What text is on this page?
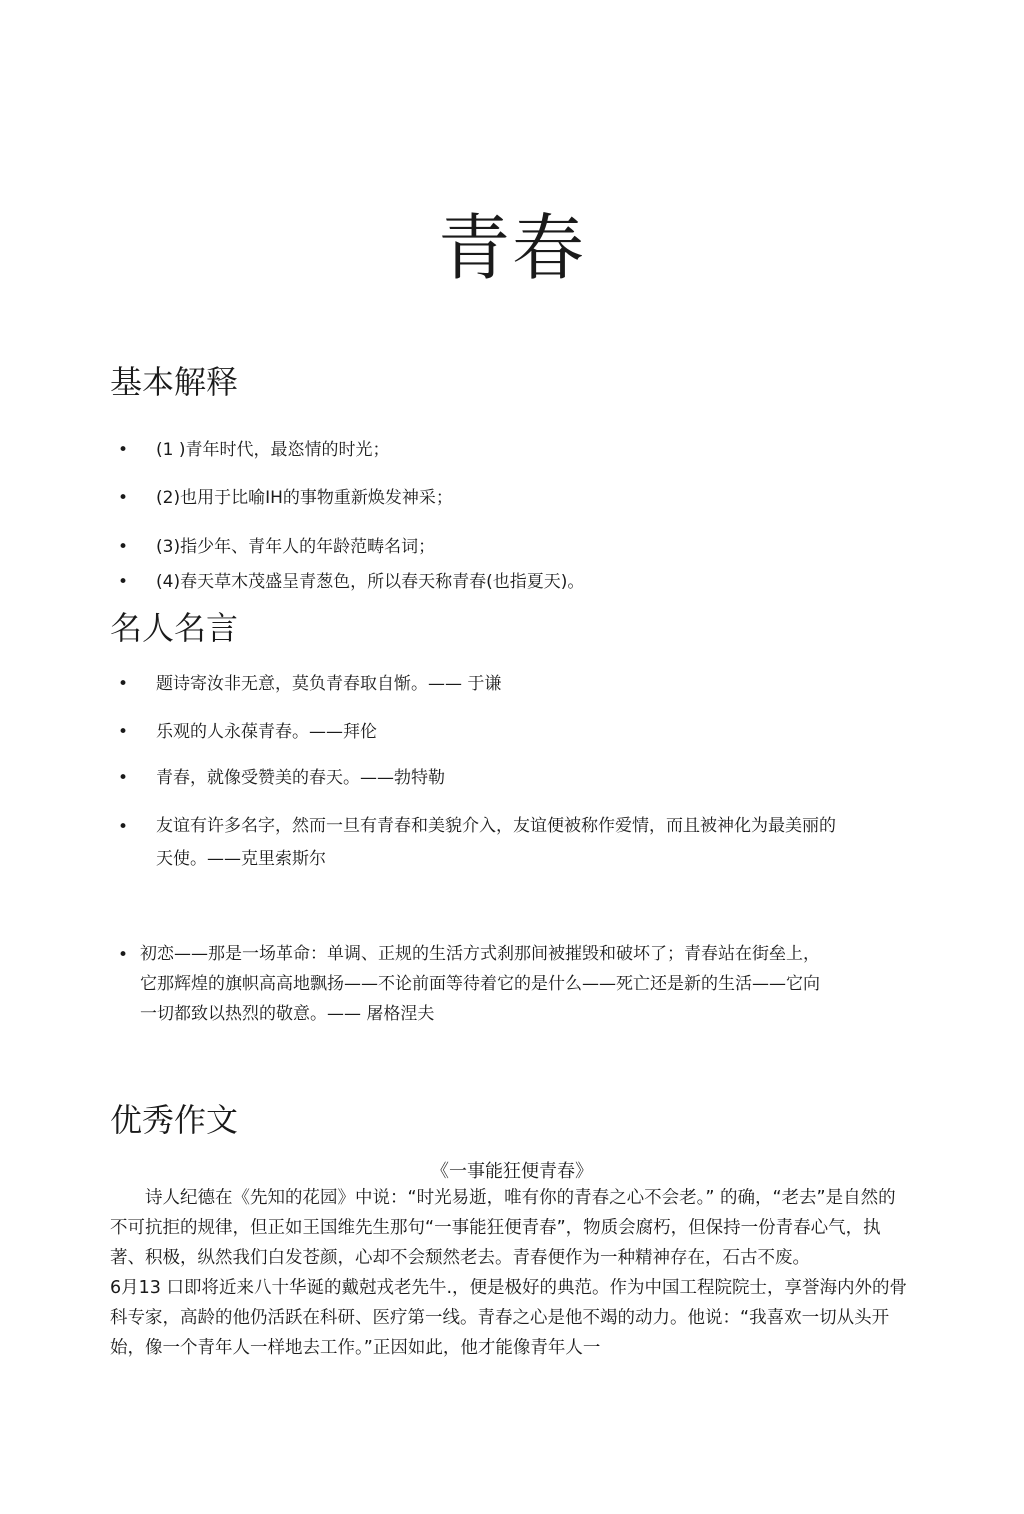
青春
基本解释
• (1 )青年时代，最恣情的时光；
• (2)也用于比喻IH的事物重新焕发神采；
• (3)指少年、青年人的年龄范畴名词；
• (4)春天草木茂盛呈青葱色，所以春天称青春(也指夏天)。
名人名言
• 题诗寄汝非无意，莫负青春取自惭。—— 于谦
• 乐观的人永葆青春。——拜伦
• 青春，就像受赞美的春天。——勃特勒
• 友谊有许多名字，然而一旦有青春和美貌介入，友谊便被称作爱情，而且被神化为最美丽的天使。——克里索斯尔
• 初恋——那是一场革命：单调、正规的生活方式刹那间被摧毁和破坏了；青春站在街垒上，它那辉煌的旗帜高高地飘扬——不论前面等待着它的是什么——死亡还是新的生活——它向一切都致以热烈的敬意。—— 屠格涅夫
优秀作文
《一事能狂便青春》

诗人纪德在《先知的花园》中说：“时光易逝，唯有你的青春之心不会老。” 的确，“老去”是自然的不可抗拒的规律，但正如王国维先生那句“一事能狂便青春”，物质会腐朽，但保持一份青春心气，执著、积极，纵然我们白发苍颜，心却不会颓然老去。青春便作为一种精神存在，石古不废。

6月13 口即将近来八十华诞的戴尅戎老先牛.，便是极好的典范。作为中国工程院院士，享誉海内外的骨科专家，高龄的他仍活跃在科研、医疗第一线。青春之心是他不竭的动力。他说：“我喜欢一切从头开始，像一个青年人一样地去工作。”正因如此，他才能像青年人一
